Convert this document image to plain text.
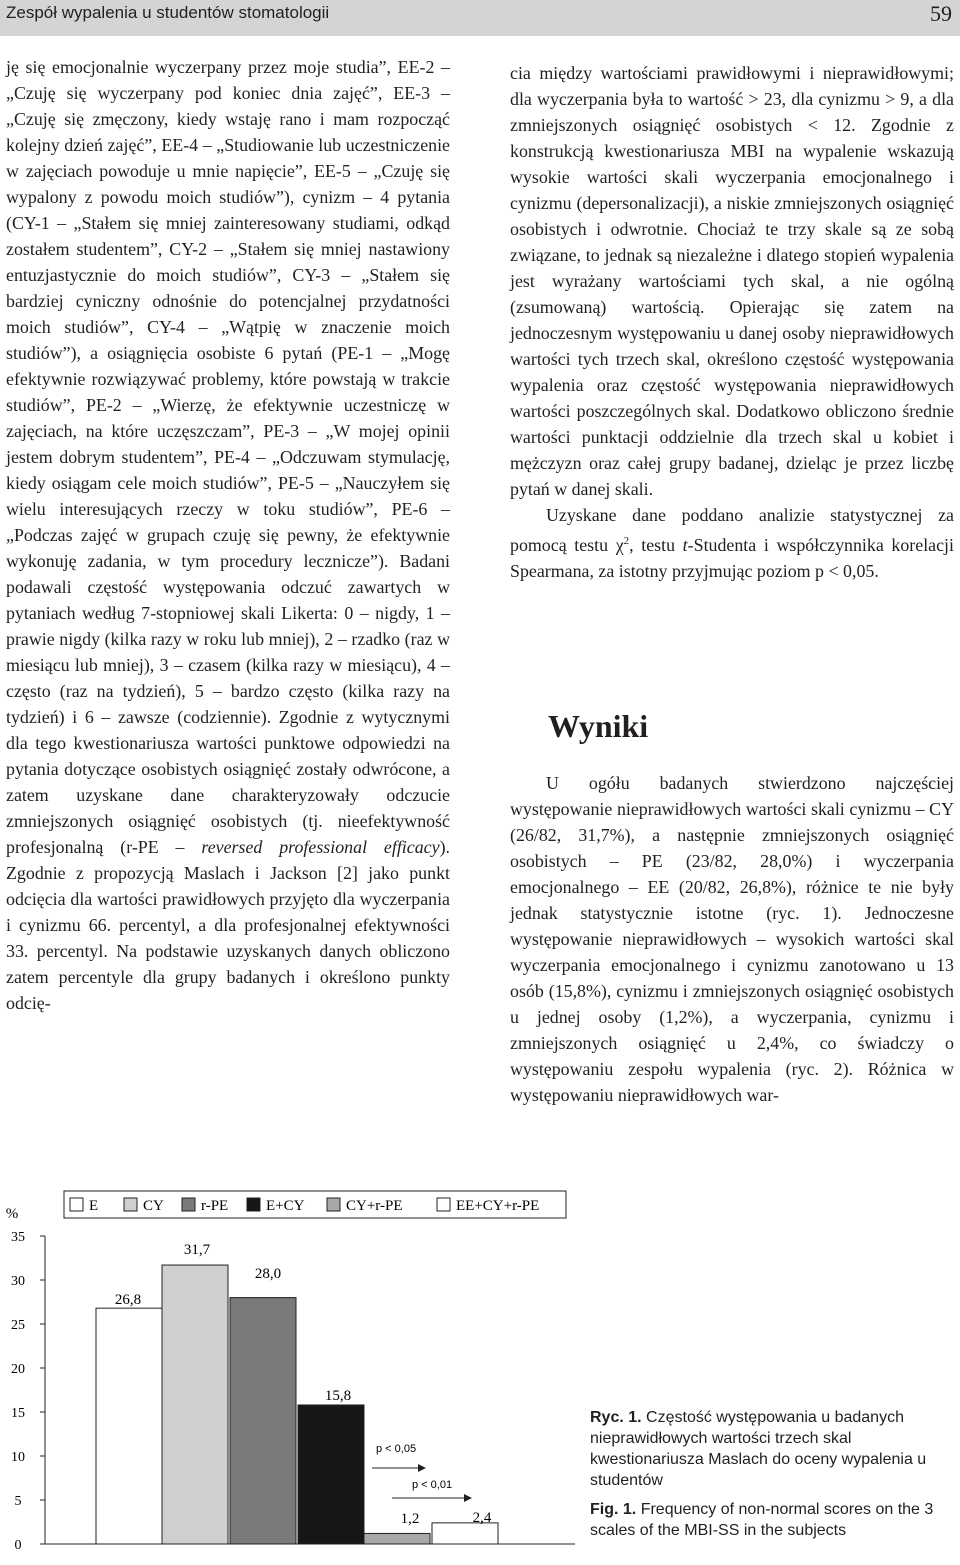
Zespół wypalenia u studentów stomatologii	59

ję się emocjonalnie wyczerpany przez moje studia”, EE-2 – „Czuję się wyczerpany pod koniec dnia zajęć”, EE-3 – „Czuję się zmęczony, kiedy wstaję rano i mam rozpocząć kolejny dzień zajęć”, EE-4 – „Studiowanie lub uczestniczenie w zajęciach powoduje u mnie napięcie”, EE-5 – „Czuję się wypalony z powodu moich studiów”), cynizm – 4 pytania (CY-1 – „Stałem się mniej zainteresowany studiami, odkąd zostałem studentem”, CY-2 – „Stałem się mniej nastawiony entuzjastycznie do moich studiów”, CY-3 – „Stałem się bardziej cyniczny odnośnie do potencjalnej przydatności moich studiów”, CY-4 – „Wątpię w znaczenie moich studiów”), a osiągnięcia osobiste 6 pytań (PE-1 – „Mogę efektywnie rozwiązywać problemy, które powstają w trakcie studiów”, PE-2 – „Wierzę, że efektywnie uczestniczę w zajęciach, na które uczęszczam”, PE-3 – „W mojej opinii jestem dobrym studentem”, PE-4 – „Odczuwam stymulację, kiedy osiągam cele moich studiów”, PE-5 – „Nauczyłem się wielu interesujących rzeczy w toku studiów”, PE-6 – „Podczas zajęć w grupach czuję się pewny, że efektywnie wykonuję zadania, w tym procedury lecznicze”). Badani podawali częstość występowania odczuć zawartych w pytaniach według 7-stopniowej skali Likerta: 0 – nigdy, 1 – prawie nigdy (kilka razy w roku lub mniej), 2 – rzadko (raz w miesiącu lub mniej), 3 – czasem (kilka razy w miesiącu), 4 – często (raz na tydzień), 5 – bardzo często (kilka razy na tydzień) i 6 – zawsze (codziennie). Zgodnie z wytycznymi dla tego kwestionariusza wartości punktowe odpowiedzi na pytania dotyczące osobistych osiągnięć zostały odwrócone, a zatem uzyskane dane charakteryzowały odczucie zmniejszonych osiągnięć osobistych (tj. nieefektywność profesjonalną (r-PE – reversed professional efficacy). Zgodnie z propozycją Maslach i Jackson [2] jako punkt odcięcia dla wartości prawidłowych przyjęto dla wyczerpania i cynizmu 66. percentyl, a dla profesjonalnej efektywności 33. percentyl. Na podstawie uzyskanych danych obliczono zatem percentyle dla grupy badanych i określono punkty odcię-

cia między wartościami prawidłowymi i nieprawidłowymi; dla wyczerpania była to wartość > 23, dla cynizmu > 9, a dla zmniejszonych osiągnięć osobistych < 12. Zgodnie z konstrukcją kwestionariusza MBI na wypalenie wskazują wysokie wartości skali wyczerpania emocjonalnego i cynizmu (depersonalizacji), a niskie zmniejszonych osiągnięć osobistych i odwrotnie. Chociaż te trzy skale są ze sobą związane, to jednak są niezależne i dlatego stopień wypalenia jest wyrażany wartościami tych skal, a nie ogólną (zsumowaną) wartością. Opierając się zatem na jednoczesnym występowaniu u danej osoby nieprawidłowych wartości tych trzech skal, określono częstość występowania wypalenia oraz częstość występowania nieprawidłowych wartości poszczególnych skal. Dodatkowo obliczono średnie wartości punktacji oddzielnie dla trzech skal u kobiet i mężczyzn oraz całej grupy badanej, dzieląc je przez liczbę pytań w danej skali.

Uzyskane dane poddano analizie statystycznej za pomocą testu $\chi^2$, testu t-Studenta i współczynnika korelacji Spearmana, za istotny przyjmując poziom p < 0,05.

Wyniki

U ogółu badanych stwierdzono najczęściej występowanie nieprawidłowych wartości skali cynizmu – CY (26/82, 31,7%), a następnie zmniejszonych osiągnięć osobistych – PE (23/82, 28,0%) i wyczerpania emocjonalnego – EE (20/82, 26,8%), różnice te nie były jednak statystycznie istotne (ryc. 1). Jednoczesne występowanie nieprawidłowych – wysokich wartości skal wyczerpania emocjonalnego i cynizmu zanotowano u 13 osób (15,8%), cynizmu i zmniejszonych osiągnięć osobistych u jednej osoby (1,2%), a wyczerpania, cynizmu i zmniejszonych osiągnięć u 2,4%, co świadczy o występowaniu zespołu wypalenia (ryc. 2). Różnica w występowaniu nieprawidłowych war-

%
0
5
10
15
20
25
30
35
E	CY r-PE	E+CY	CY+r-PE	EE+CY+r-PE
26,8
31,7
28,0
15,8
1,2	2,4
p < 0,05
p < 0,01

Ryc. 1. Częstość występowania u badanych nieprawidłowych wartości trzech skal kwestionariusza Maslach do oceny wypalenia u studentów

Fig. 1. Frequency of non-normal scores on the 3 scales of the MBI-SS in the subjects
